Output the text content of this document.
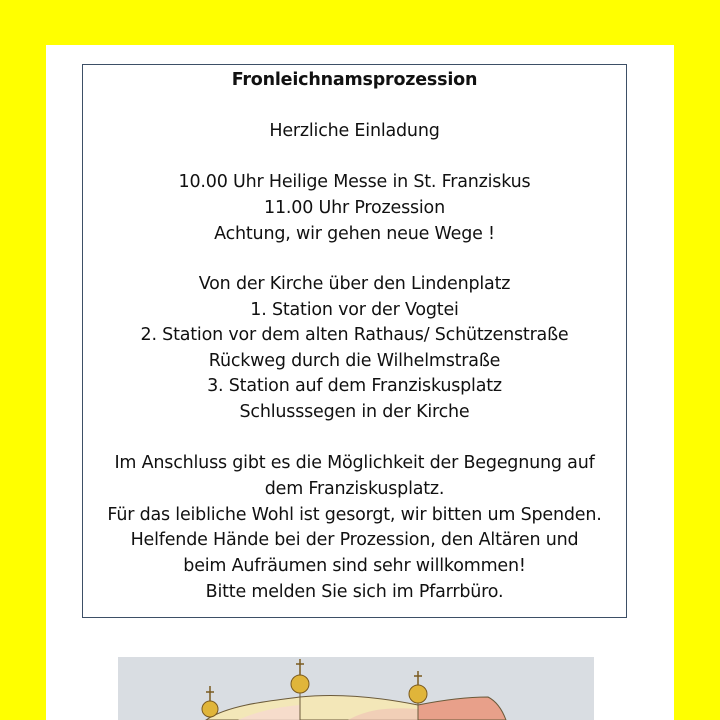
Fronleichnamsprozession
Herzliche Einladung
10.00 Uhr Heilige Messe in St. Franziskus
11.00 Uhr Prozession
Achtung, wir gehen neue Wege !
Von der Kirche über den Lindenplatz
1. Station vor der Vogtei
2. Station vor dem alten Rathaus/ Schützenstraße
Rückweg durch die Wilhelmstraße
3. Station auf dem Franziskusplatz
Schlusssegen in der Kirche
Im Anschluss gibt es die Möglichkeit der Begegnung auf
dem Franziskusplatz.
Für das leibliche Wohl ist gesorgt, wir bitten um Spenden.
Helfende Hände bei der Prozession, den Altären und
beim Aufräumen sind sehr willkommen!
Bitte melden Sie sich im Pfarrbüro.
